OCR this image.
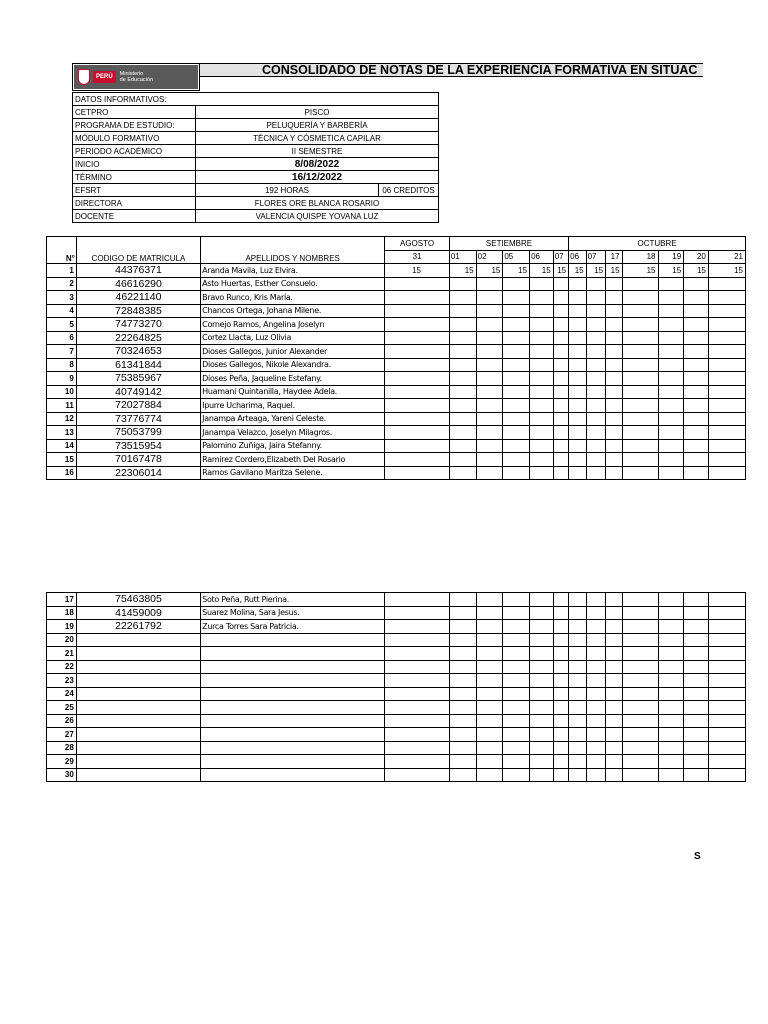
PERÚ	Ministerio
de Educación
CONSOLIDADO DE NOTAS DE LA EXPERIENCIA FORMATIVA EN SITUAC
DATOS INFORMATIVOS:		
CETPRO	PISCO	
PROGRAMA DE ESTUDIO:	PELUQUERÍA Y BARBERÍA	
MÓDULO FORMATIVO	TÉCNICA Y CÓSMETICA CAPILAR	
PERIODO ACADÉMICO	II SEMESTRE	
INICIO	8/08/2022	
TÉRMINO	16/12/2022	
EFSRT	192 HORAS	06 CREDITOS
DIRECTORA	FLORES ORE BLANCA ROSARIO	
DOCENTE	VALENCIA QUISPE YOVANA LUZ	
N°	CODIGO DE MATRICULA	APELLIDOS Y NOMBRES	AGOSTO	SETIEMBRE					OCTUBRE						
			31	01	02	05	06	07	06	07	17	18	19	20	21
1	44376371	Aranda Mavila, Luz Elvira.	15	15	15	15	15	15	15	15	15	15	15	15	15
2	46616290	Asto Huertas, Esther Consuelo.													
3	46221140	Bravo Runco, Kris María.													
4	72848385	Chancos Ortega, Johana Milene.													
5	74773270	Cornejo Ramos, Angelina Joselyn													
6	22264825	Cortez Llacta, Luz Olivia													
7	70324653	Dioses Gallegos, Junior Alexander													
8	61341844	Dioses Gallegos, Nikole Alexandra.													
9	75385967	Dioses Peña, Jaqueline Estefany.													
10	40749142	Huamani Quintanilla, Haydee Adela.													
11	72027884	Ipurre Ucharima, Raquel.													
12	73776774	Janampa Arteaga, Yareni Celeste.													
13	75053799	Janampa Velazco, Joselyn Milagros.													
14	73515954	Palomino Zuñiga, Jaira Stefanny.													
15	70167478	Ramirez Cordero,Elizabeth Del Rosario													
16	22306014	Ramos Gavilano Maritza Selene.													
17	75463805	Soto Peña, Rutt Pierina.													
18	41459009	Suarez Molina, Sara Jesus.													
19	22261792	Zurca Torres Sara Patricia.													
20															
21															
22															
23															
24															
25															
26															
27															
28															
29															
30															
S
